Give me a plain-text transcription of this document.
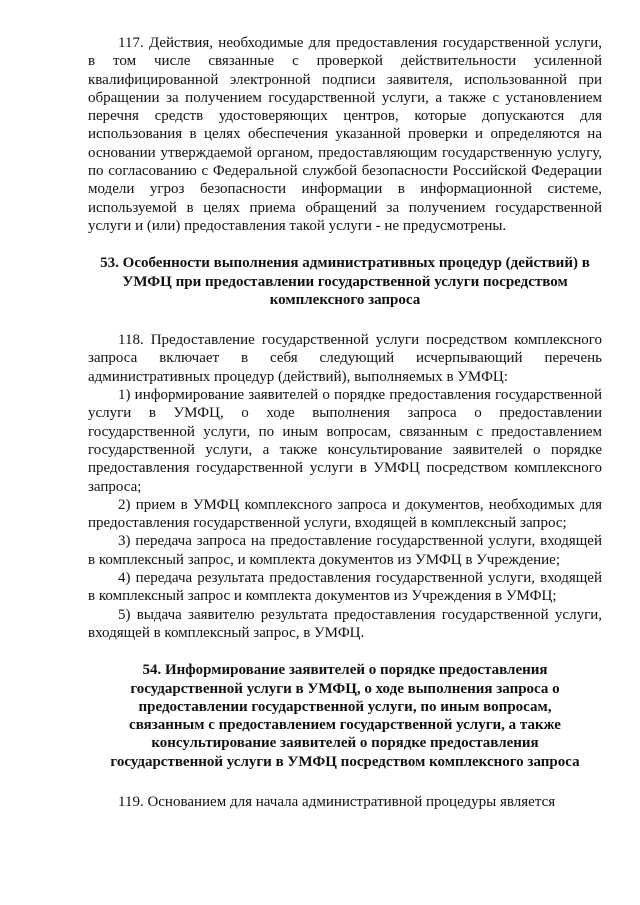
117. Действия, необходимые для предоставления государственной услуги, в том числе связанные с проверкой действительности усиленной квалифицированной электронной подписи заявителя, использованной при обращении за получением государственной услуги, а также с установлением перечня средств удостоверяющих центров, которые допускаются для использования в целях обеспечения указанной проверки и определяются на основании утверждаемой органом, предоставляющим государственную услугу, по согласованию с Федеральной службой безопасности Российской Федерации модели угроз безопасности информации в информационной системе, используемой в целях приема обращений за получением государственной услуги и (или) предоставления такой услуги - не предусмотрены.

53. Особенности выполнения административных процедур (действий) в УМФЦ при предоставлении государственной услуги посредством комплексного запроса

118. Предоставление государственной услуги посредством комплексного запроса включает в себя следующий исчерпывающий перечень административных процедур (действий), выполняемых в УМФЦ:

1) информирование заявителей о порядке предоставления государственной услуги в УМФЦ, о ходе выполнения запроса о предоставлении государственной услуги, по иным вопросам, связанным с предоставлением государственной услуги, а также консультирование заявителей о порядке предоставления государственной услуги в УМФЦ посредством комплексного запроса;

2) прием в УМФЦ комплексного запроса и документов, необходимых для предоставления государственной услуги, входящей в комплексный запрос;

3) передача запроса на предоставление государственной услуги, входящей в комплексный запрос, и комплекта документов из УМФЦ в Учреждение;

4) передача результата предоставления государственной услуги, входящей в комплексный запрос и комплекта документов из Учреждения в УМФЦ;

5) выдача заявителю результата предоставления государственной услуги, входящей в комплексный запрос, в УМФЦ.

54. Информирование заявителей о порядке предоставления государственной услуги в УМФЦ, о ходе выполнения запроса о предоставлении государственной услуги, по иным вопросам, связанным с предоставлением государственной услуги, а также консультирование заявителей о порядке предоставления государственной услуги в УМФЦ посредством комплексного запроса

119. Основанием для начала административной процедуры является
